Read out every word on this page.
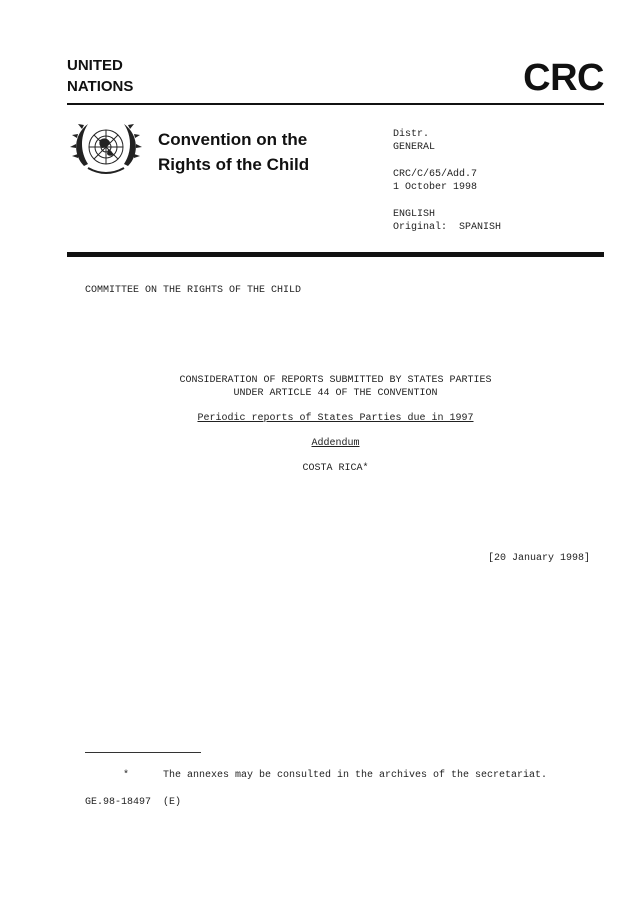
UNITED
NATIONS	CRC
Convention on the
Rights of the Child
Distr.
GENERAL
CRC/C/65/Add.7
1 October 1998
ENGLISH
Original:  SPANISH
COMMITTEE ON THE RIGHTS OF THE CHILD
CONSIDERATION OF REPORTS SUBMITTED BY STATES PARTIES
UNDER ARTICLE 44 OF THE CONVENTION
Periodic reports of States Parties due in 1997
Addendum
COSTA RICA*
[20 January 1998]
*	The annexes may be consulted in the archives of the secretariat.
GE.98-18497  (E)
